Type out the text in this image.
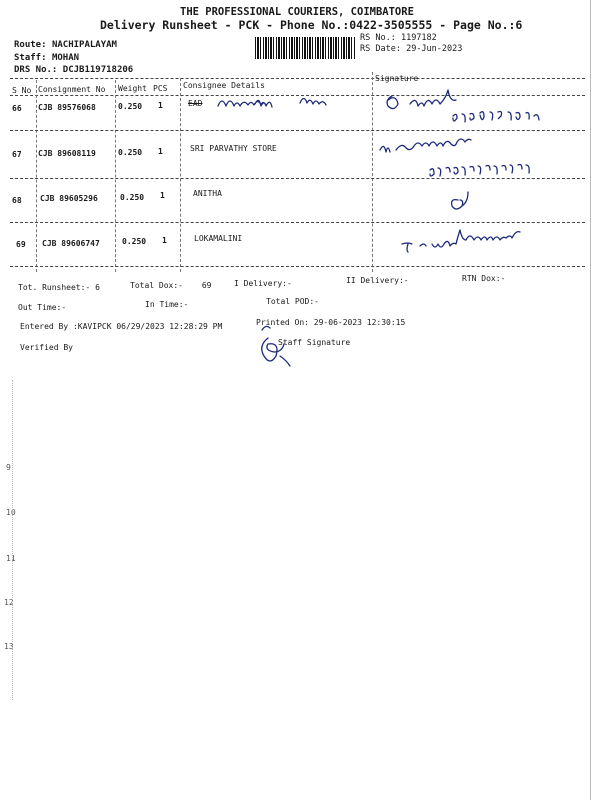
THE PROFESSIONAL COURIERS, COIMBATORE
Delivery Runsheet - PCK - Phone No.:0422-3505555 - Page No.:6
Route: NACHIPALAYAM
Staff: MOHAN
DRS No.: DCJB119718206
RS No.: 1197182
RS Date: 29-Jun-2023
S No Consignment No Weight PCS Consignee Details
Signature
66 CJB 89576068	0.250 1	EAD
67 CJB 89608119	0.250 1	SRI PARVATHY STORE
68 CJB 89605296	0.250 1	ANITHA
69 CJB 89606747	0.250 1	LOKAMALINI
Tot. Runsheet:- 6	Total Dox:- 69	I Delivery:-	II Delivery:-	RTN Dox:-
Out Time:-	In Time:-	Total POD:-
Entered By :KAVIPCK 06/29/2023 12:28:29 PM	Printed On: 29-06-2023 12:30:15
Verified By
Staff Signature
9
10
11
12
13
